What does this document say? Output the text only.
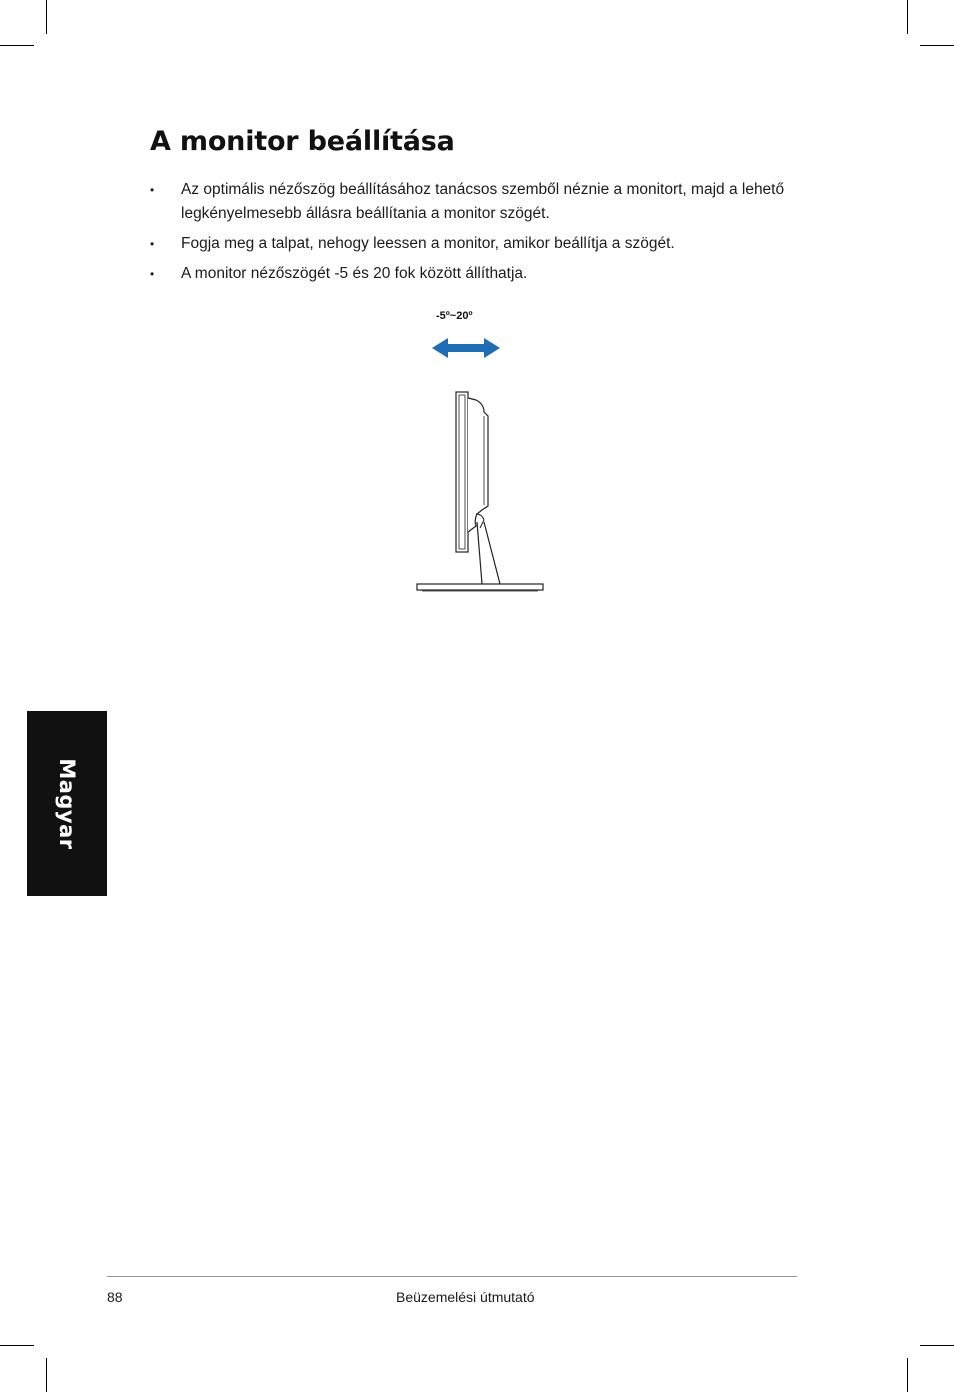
A monitor beállítása
• Az optimális nézőszög beállításához tanácsos szemből néznie a monitort, majd a lehető legkényelmesebb állásra beállítania a monitor szögét.
• Fogja meg a talpat, nehogy leessen a monitor, amikor beállítja a szögét.
• A monitor nézőszögét -5 és 20 fok között állíthatja.
-5º~20º
Magyar
88	Beüzemelési útmutató
